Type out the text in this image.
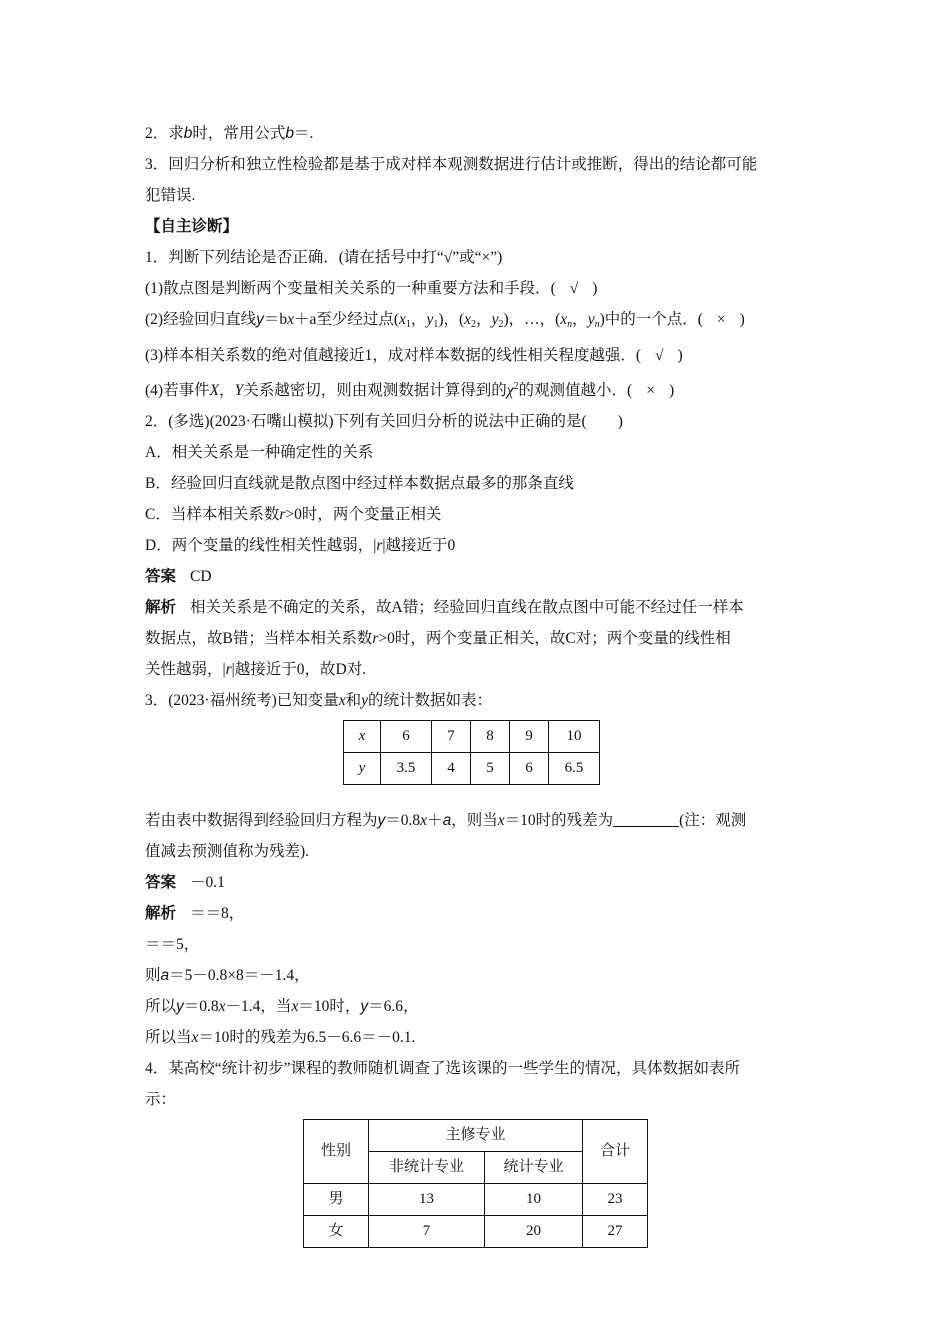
2．求b时，常用公式b＝.
3．回归分析和独立性检验都是基于成对样本观测数据进行估计或推断，得出的结论都可能
犯错误.
【自主诊断】
1．判断下列结论是否正确．(请在括号中打“√”或“×”)
(1)散点图是判断两个变量相关关系的一种重要方法和手段．( √ )
(2)经验回归直线y＝bx＋a至少经过点($x_1$，$y_1$)，($x_2$，$y_2$)，…，($x_n$，$y_n$)中的一个点．( × )
(3)样本相关系数的绝对值越接近1，成对样本数据的线性相关程度越强．( √ )
(4)若事件X，Y关系越密切，则由观测数据计算得到的$\chi^2$的观测值越小．( × )
2．(多选)(2023·石嘴山模拟)下列有关回归分析的说法中正确的是(　　)
A．相关关系是一种确定性的关系
B．经验回归直线就是散点图中经过样本数据点最多的那条直线
C．当样本相关系数r>0时，两个变量正相关
D．两个变量的线性相关性越弱，|r|越接近于0
答案 CD
解析 相关关系是不确定的关系，故A错；经验回归直线在散点图中可能不经过任一样本
数据点，故B错；当样本相关系数r>0时，两个变量正相关，故C对；两个变量的线性相
关性越弱，|r|越接近于0，故D对.
3．(2023·福州统考)已知变量x和y的统计数据如表：
x	6	7	8	9	10
y	3.5	4	5	6	6.5
若由表中数据得到经验回归方程为y＝0.8x＋a，则当x＝10时的残差为	(注：观测
值减去预测值称为残差).
答案 －0.1
解析 ＝＝8，
＝＝5，
则a＝5－0.8×8＝－1.4，
所以y＝0.8x－1.4，当x＝10时，y＝6.6，
所以当x＝10时的残差为6.5－6.6＝－0.1.
4．某高校“统计初步”课程的教师随机调查了选该课的一些学生的情况，具体数据如表所
示：
性别	主修专业		合计
	非统计专业	统计专业	
男	13	10	23
女	7	20	27
